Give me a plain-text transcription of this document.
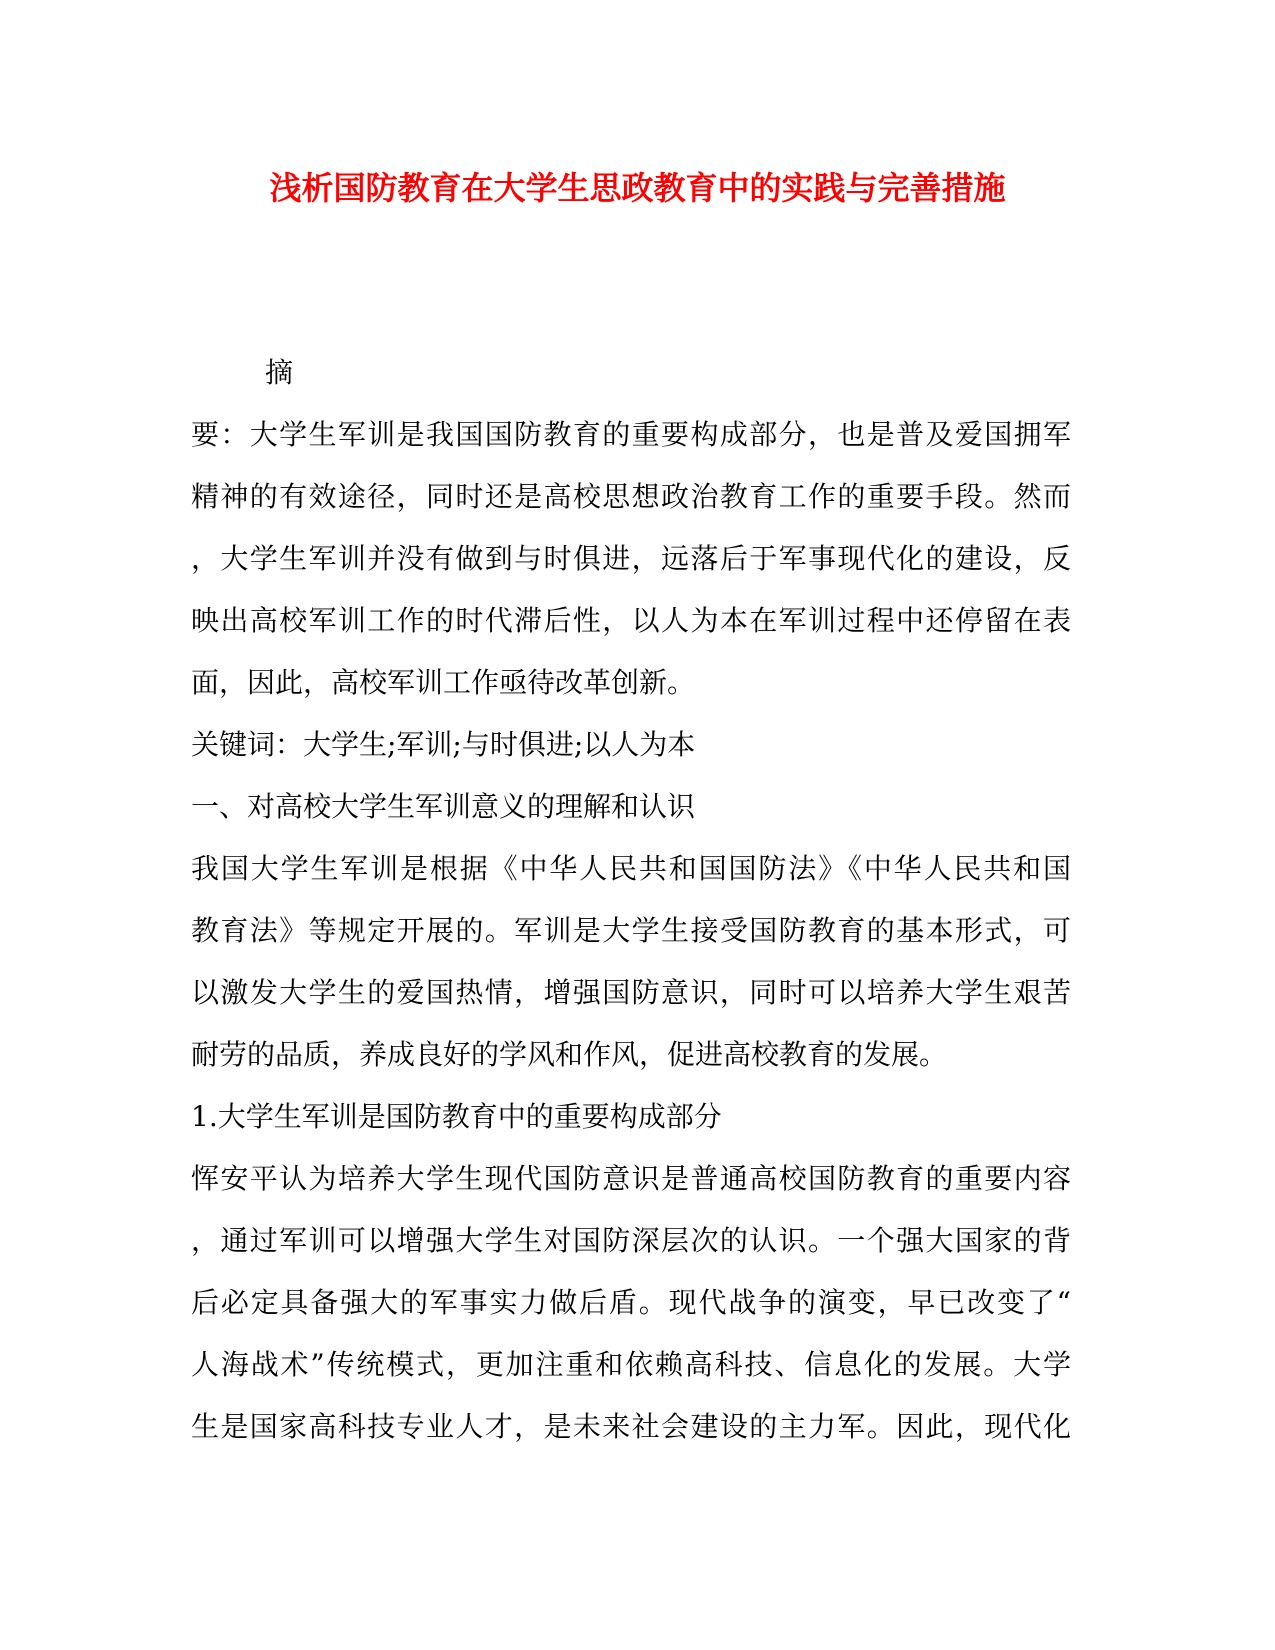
浅析国防教育在大学生思政教育中的实践与完善措施

摘

要：大学生军训是我国国防教育的重要构成部分，也是普及爱国拥军

精神的有效途径，同时还是高校思想政治教育工作的重要手段。然而

，大学生军训并没有做到与时俱进，远落后于军事现代化的建设，反

映出高校军训工作的时代滞后性，以人为本在军训过程中还停留在表

面，因此，高校军训工作亟待改革创新。

关键词：大学生;军训;与时俱进;以人为本

一、对高校大学生军训意义的理解和认识

我国大学生军训是根据《中华人民共和国国防法》《中华人民共和国

教育法》等规定开展的。军训是大学生接受国防教育的基本形式，可

以激发大学生的爱国热情，增强国防意识，同时可以培养大学生艰苦

耐劳的品质，养成良好的学风和作风，促进高校教育的发展。

1.大学生军训是国防教育中的重要构成部分

恽安平认为培养大学生现代国防意识是普通高校国防教育的重要内容

，通过军训可以增强大学生对国防深层次的认识。一个强大国家的背

后必定具备强大的军事实力做后盾。现代战争的演变，早已改变了“

人海战术”传统模式，更加注重和依赖高科技、信息化的发展。大学

生是国家高科技专业人才，是未来社会建设的主力军。因此，现代化
